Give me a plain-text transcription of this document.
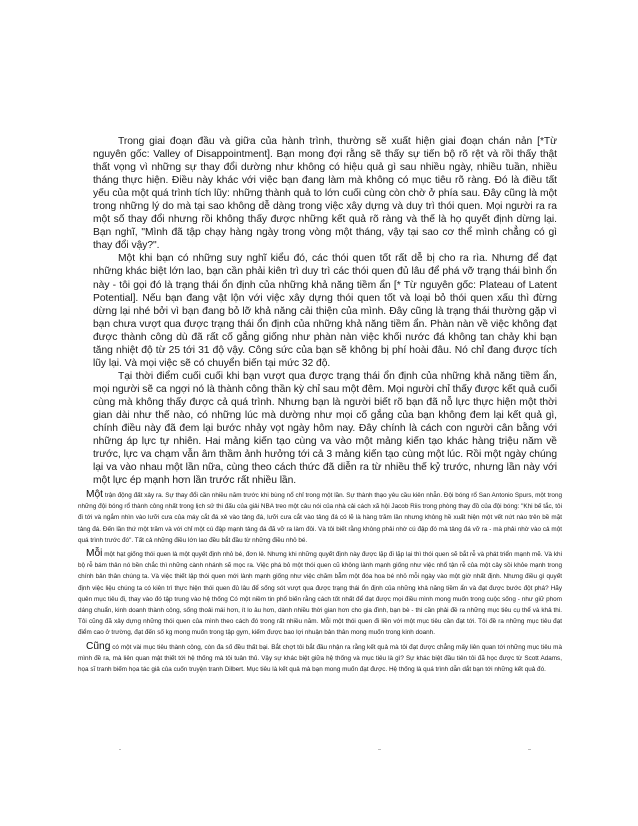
Trong giai đoạn đầu và giữa của hành trình, thường sẽ xuất hiện giai đoạn chán nản [*Từ nguyên gốc: Valley of Disappointment]. Bạn mong đợi rằng sẽ thấy sự tiến bộ rõ rệt và rồi thấy thật thất vọng vì những sự thay đổi dường như không có hiệu quả gì sau nhiều ngày, nhiều tuần, nhiều tháng thực hiện. Điều này khác với việc bạn đang làm mà không có mục tiêu rõ ràng. Đó là điều tất yếu của một quá trình tích lũy: những thành quả to lớn cuối cùng còn chờ ở phía sau. Đây cũng là một trong những lý do mà tại sao không dễ dàng trong việc xây dựng và duy trì thói quen. Mọi người ra ra một số thay đổi nhưng rồi không thấy được những kết quả rõ ràng và thế là họ quyết định dừng lại. Bạn nghĩ, "Mình đã tập chạy hàng ngày trong vòng một tháng, vậy tại sao cơ thể mình chẳng có gì thay đổi vậy?".

Một khi bạn có những suy nghĩ kiểu đó, các thói quen tốt rất dễ bị cho ra rìa. Nhưng để đạt những khác biệt lớn lao, bạn cần phải kiên trì duy trì các thói quen đủ lâu để phá vỡ trạng thái bình ổn này - tôi gọi đó là trạng thái ổn định của những khả năng tiềm ẩn [* Từ nguyên gốc: Plateau of Latent Potential]. Nếu bạn đang vật lộn với việc xây dựng thói quen tốt và loại bỏ thói quen xấu thì đừng dừng lại nhé bởi vì bạn đang bỏ lỡ khả năng cải thiện của mình. Đây cũng là trạng thái thường gặp vì bạn chưa vượt qua được trạng thái ổn định của những khả năng tiềm ẩn. Phàn nàn về việc không đạt được thành công dù đã rất cố gắng giống như phàn nàn việc khối nước đá không tan chảy khi bạn tăng nhiệt độ từ 25 tới 31 độ vậy. Công sức của bạn sẽ không bị phí hoài đâu. Nó chỉ đang được tích lũy lại. Và mọi việc sẽ có chuyển biến tại mức 32 độ.

Tại thời điểm cuối cuối khi bạn vượt qua được trạng thái ổn định của những khả năng tiềm ẩn, mọi người sẽ ca ngợi nó là thành công thần kỳ chỉ sau một đêm. Mọi người chỉ thấy được kết quả cuối cùng mà không thấy được cả quá trình. Nhưng bạn là người biết rõ bạn đã nỗ lực thực hiện một thời gian dài như thế nào, có những lúc mà dường như mọi cố gắng của bạn không đem lại kết quả gì, chính điều này đã đem lại bước nhảy vọt ngày hôm nay. Đây chính là cách con người cân bằng với những áp lực tự nhiên. Hai mảng kiến tạo cùng va vào một mảng kiến tạo khác hàng triệu năm về trước, lực va chạm vẫn âm thầm ảnh hưởng tới cả 3 mảng kiến tạo cùng một lúc. Rồi một ngày chúng lại va vào nhau một lần nữa, cùng theo cách thức đã diễn ra từ nhiều thế kỷ trước, nhưng lần này với một lực ép mạnh hơn lần trước rất nhiều lần.

Một trận động đất xảy ra. Sự thay đổi cần nhiều năm trước khi bùng nổ chỉ trong một lần. Sự thành thạo yêu cầu kiên nhẫn. Đội bóng rổ San Antonio Spurs, một trong những đội bóng rổ thành công nhất trong lịch sử thi đấu của giải NBA treo một câu nói của nhà cải cách xã hội Jacob Riis trong phòng thay đồ của đội bóng: "Khi bế tắc, tôi đi tới và ngắm nhìn vào lưỡi cưa của máy cắt đá xẻ vào tảng đá, lưỡi cưa cắt vào tảng đá có lẽ là hàng trăm lần nhưng không hề xuất hiện một vết nứt nào trên bề mặt tảng đá. Đến lần thứ một trăm và với chỉ một cú đập mạnh tảng đá đã vỡ ra làm đôi. Và tôi biết rằng không phải nhờ cú đập đó mà tảng đá vỡ ra - mà phải nhờ vào cả một quá trình trước đó". Tất cả những điều lớn lao đều bắt đầu từ những điều nhỏ bé.

Mỗi một hạt giống thói quen là một quyết định nhỏ bé, đơn lẻ. Nhưng khi những quyết định này được lặp đi lặp lại thì thói quen sẽ bắt rễ và phát triển mạnh mẽ. Và khi bộ rễ bám thân nó bền chắc thì những cành nhánh sẽ mọc ra. Việc phá bỏ một thói quen cũ không lành mạnh giống như việc nhổ tận rễ của một cây sồi khỏe mạnh trong chính bản thân chúng ta. Và việc thiết lập thói quen mới lành mạnh giống như việc chăm bẵm một đóa hoa bé nhỏ mỗi ngày vào một giờ nhất định. Nhưng điều gì quyết định việc liệu chúng ta có kiên trì thực hiện thói quen đủ lâu để sống sót vượt qua được trạng thái ổn định của những khả năng tiềm ẩn và đạt được bước đột phá? Hãy quên mục tiêu đi, thay vào đó tập trung vào hệ thống Có một niềm tin phổ biến rằng cách tốt nhất để đạt được mọi điều mình mong muốn trong cuộc sống - như giữ phom dáng chuẩn, kinh doanh thành công, sống thoải mái hơn, ít lo âu hơn, dành nhiều thời gian hơn cho gia đình, bạn bè - thì cần phải đề ra những mục tiêu cụ thể và khả thi. Tôi cũng đã xây dựng những thói quen của mình theo cách đó trong rất nhiều năm. Mỗi một thói quen đi liền với một mục tiêu cần đạt tới. Tôi đề ra những mục tiêu đạt điểm cao ở trường, đạt đến số kg mong muốn trong tập gym, kiếm được bao lợi nhuận bản thân mong muốn trong kinh doanh.

Cũng có một vài mục tiêu thành công, còn đa số đều thất bại. Bắt chợt tôi bắt đầu nhận ra rằng kết quả mà tôi đạt được chẳng mấy liên quan tới những mục tiêu mà mình đề ra, mà liên quan mật thiết tới hệ thống mà tôi tuân thủ. Vậy sự khác biệt giữa hệ thống và mục tiêu là gì? Sự khác biệt đầu tiên tôi đã học được từ Scott Adams, họa sĩ tranh biếm họa tác giả của cuốn truyện tranh Dilbert. Mục tiêu là kết quả mà bạn mong muốn đạt được. Hệ thống là quá trình dẫn dắt bạn tới những kết quả đó.
